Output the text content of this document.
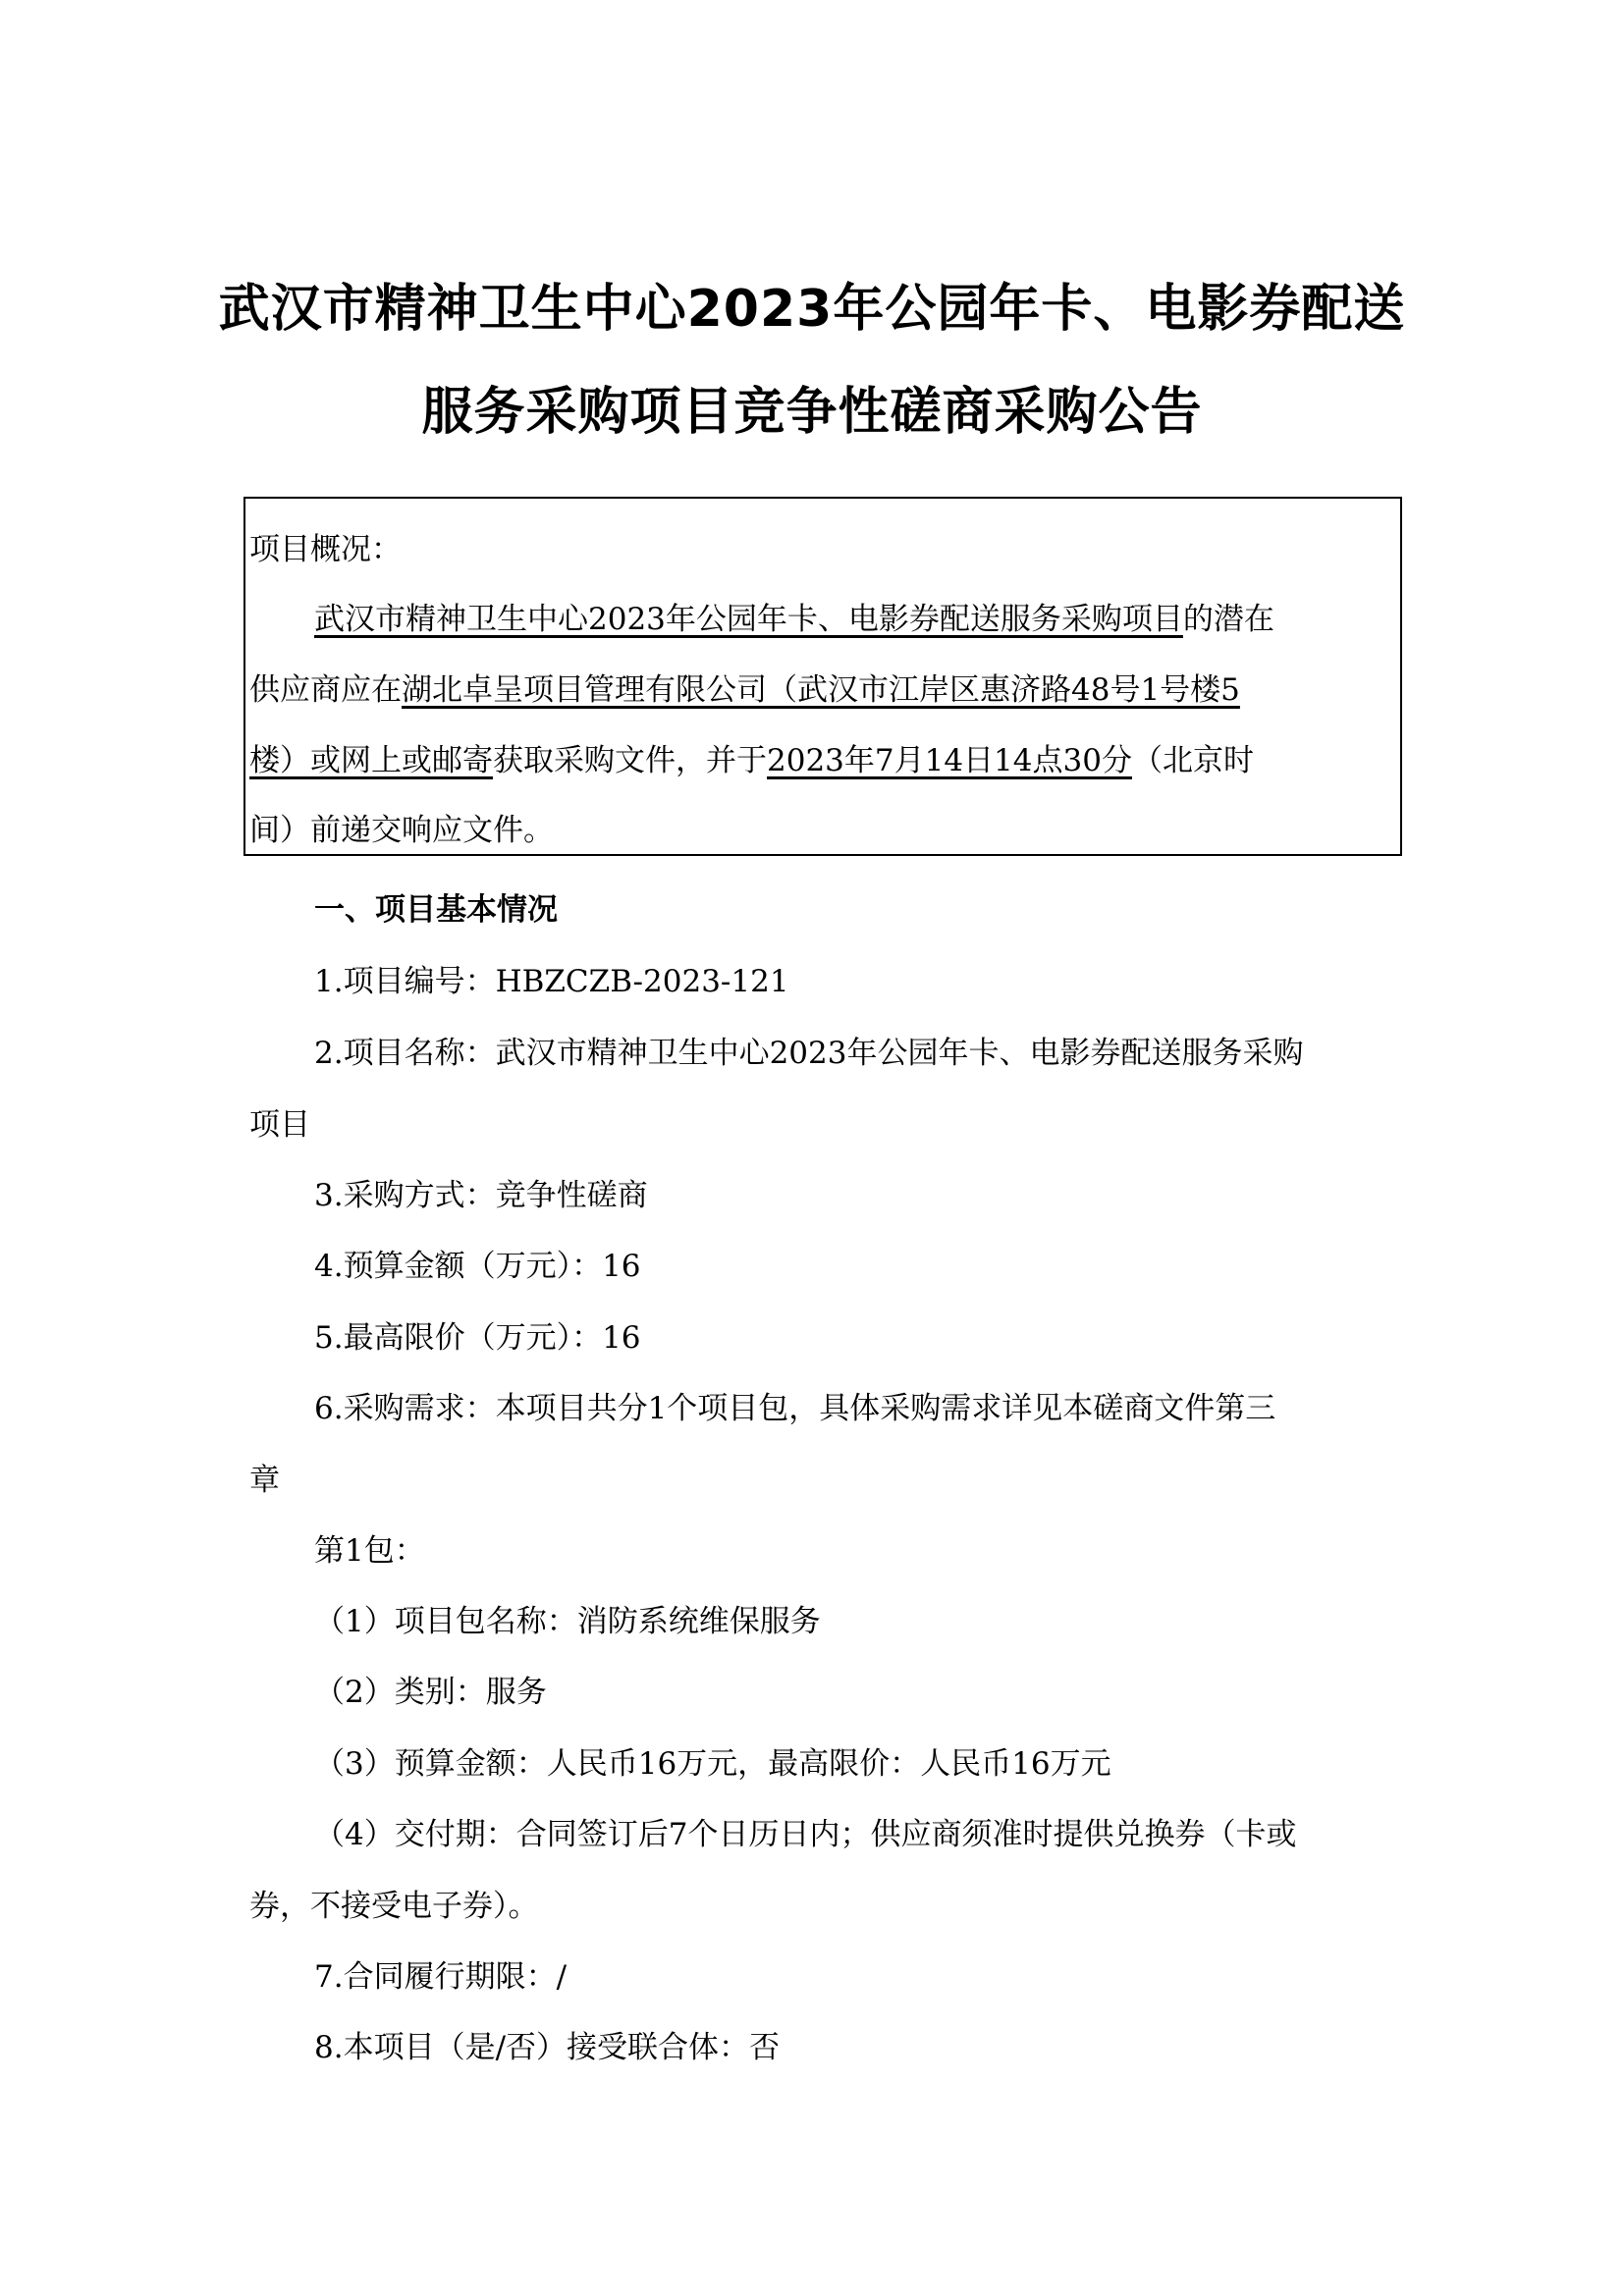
武汉市精神卫生中心2023年公园年卡、电影券配送
服务采购项目竞争性磋商采购公告
项目概况：
武汉市精神卫生中心2023年公园年卡、电影券配送服务采购项目的潜在
供应商应在湖北卓呈项目管理有限公司（武汉市江岸区惠济路48号1号楼5
楼）或网上或邮寄获取采购文件，并于2023年7月14日14点30分（北京时
间）前递交响应文件。
一、项目基本情况
1.项目编号：HBZCZB-2023-121
2.项目名称：武汉市精神卫生中心2023年公园年卡、电影券配送服务采购
项目
3.采购方式：竞争性磋商
4.预算金额（万元）：16
5.最高限价（万元）：16
6.采购需求：本项目共分1个项目包，具体采购需求详见本磋商文件第三
章
第1包：
（1）项目包名称：消防系统维保服务
（2）类别：服务
（3）预算金额：人民币16万元，最高限价：人民币16万元
（4）交付期：合同签订后7个日历日内；供应商须准时提供兑换券（卡或
券，不接受电子券）。
7.合同履行期限：/
8.本项目（是/否）接受联合体：否
